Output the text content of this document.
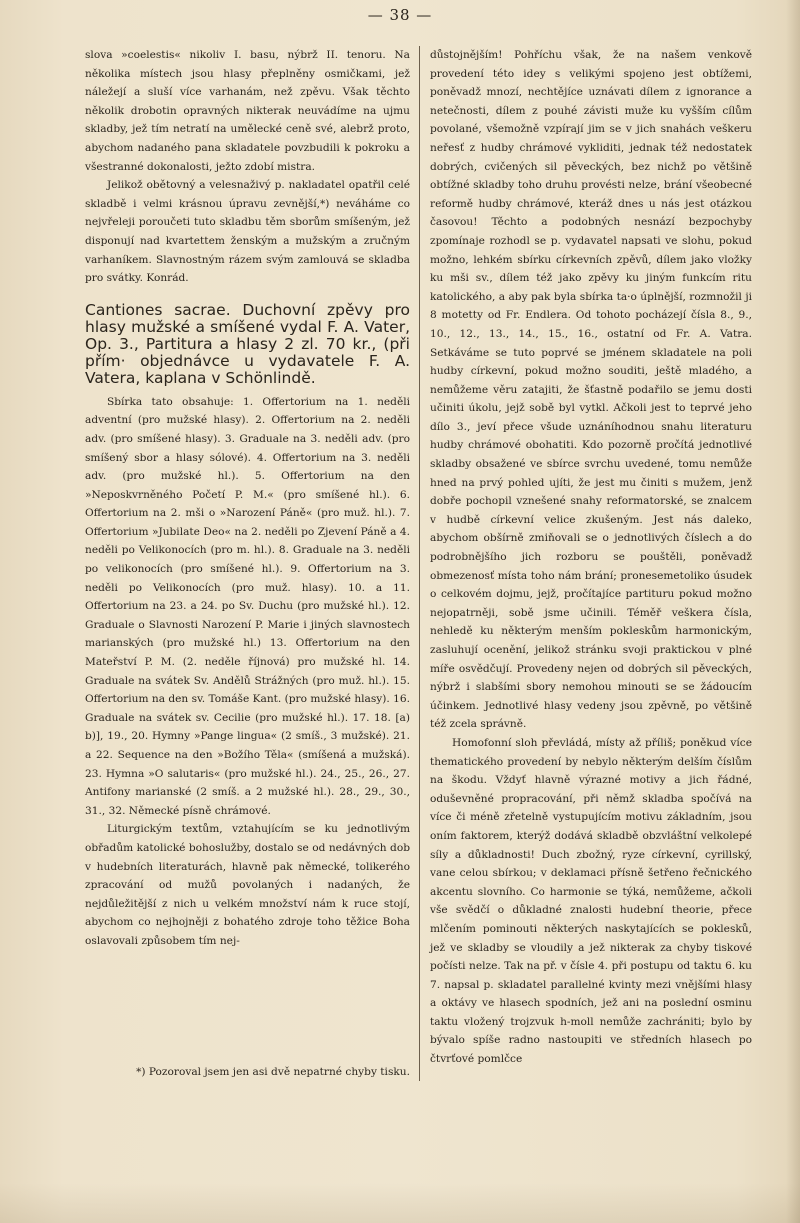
— 38 —

slova »coelestis« nikoliv I. basu, nýbrž II. tenoru. Na několika místech jsou hlasy přeplněny osmičkami, jež náležejí a sluší více varhanám, než zpěvu. Však těchto několik drobotin opravných nikterak neuvádíme na ujmu skladby, jež tím netratí na umělecké ceně své, alebrž proto, abychom nadaného pana skladatele povzbudili k pokroku a všestranné dokonalosti, ježto zdobí mistra.

Jelikož obětovný a velesnaživý p. nakladatel opatřil celé skladbě i velmi krásnou úpravu zevnější,*) neváháme co nejvřeleji poroučeti tuto skladbu těm sborům smíšeným, jež disponují nad kvartettem ženským a mužským a zručným varhaníkem. Slavnostným rázem svým zamlouvá se skladba pro svátky. Konrád.

Cantiones sacrae. Duchovní zpěvy pro hlasy mužské a smíšené vydal F. A. Vater, Op. 3., Partitura a hlasy 2 zl. 70 kr., (při přím· objednávce u vydavatele F. A. Vatera, kaplana v Schönlindě.

Sbírka tato obsahuje: 1. Offertorium na 1. neděli adventní (pro mužské hlasy). 2. Offertorium na 2. neděli adv. (pro smíšené hlasy). 3. Graduale na 3. neděli adv. (pro smíšený sbor a hlasy sólové). 4. Offertorium na 3. neděli adv. (pro mužské hl.). 5. Offertorium na den »Neposkvrněného Početí P. M.« (pro smíšené hl.). 6. Offertorium na 2. mši o »Narození Páně« (pro muž. hl.). 7. Offertorium »Jubilate Deo« na 2. neděli po Zjevení Páně a 4. neděli po Velikonocích (pro m. hl.). 8. Graduale na 3. neděli po velikonocích (pro smíšené hl.). 9. Offertorium na 3. neděli po Velikonocích (pro muž. hlasy). 10. a 11. Offertorium na 23. a 24. po Sv. Duchu (pro mužské hl.). 12. Graduale o Slavnosti Narození P. Marie i jiných slavnostech marianských (pro mužské hl.) 13. Offertorium na den Mateřství P. M. (2. neděle říjnová) pro mužské hl. 14. Graduale na svátek Sv. Andělů Strážných (pro muž. hl.). 15. Offertorium na den sv. Tomáše Kant. (pro mužské hlasy). 16. Graduale na svátek sv. Cecilie (pro mužské hl.). 17. 18. [a) b)], 19., 20. Hymny »Pange lingua« (2 smíš., 3 mužské). 21. a 22. Sequence na den »Božího Těla« (smíšená a mužská). 23. Hymna »O salutaris« (pro mužské hl.). 24., 25., 26., 27. Antifony marianské (2 smíš. a 2 mužské hl.). 28., 29., 30., 31., 32. Německé písně chrámové.

Liturgickým textům, vztahujícím se ku jednotlivým obřadům katolické bohoslužby, dostalo se od nedávných dob v hudebních literaturách, hlavně pak německé, tolikerého zpracování od mužů povolaných i nadaných, že nejdůležitější z nich u velkém množství nám k ruce stojí, abychom co nejhojněji z bohatého zdroje toho těžice Boha oslavovali způsobem tím nej-

důstojnějším! Pohříchu však, že na našem venkově provedení této idey s velikými spojeno jest obtížemi, poněvadž mnozí, nechtějíce uznávati dílem z ignorance a netečnosti, dílem z pouhé závisti muže ku vyšším cílům povolané, všemožně vzpírají jim se v jich snahách veškeru neřesť z hudby chrámové vykliditi, jednak též nedostatek dobrých, cvičených sil pěveckých, bez nichž po většině obtížné skladby toho druhu provésti nelze, brání všeobecné reformě hudby chrámové, kteráž dnes u nás jest otázkou časovou! Těchto a podobných nesnází bezpochyby zpomínaje rozhodl se p. vydavatel napsati ve slohu, pokud možno, lehkém sbírku církevních zpěvů, dílem jako vložky ku mši sv., dílem též jako zpěvy ku jiným funkcím ritu katolického, a aby pak byla sbírka ta·o úplnější, rozmnožil ji 8 motetty od Fr. Endlera. Od tohoto pocházejí čísla 8., 9., 10., 12., 13., 14., 15., 16., ostatní od Fr. A. Vatra. Setkáváme se tuto poprvé se jménem skladatele na poli hudby církevní, pokud možno souditi, ještě mladého, a nemůžeme věru zatajiti, že šťastně podařilo se jemu dosti učiniti úkolu, jejž sobě byl vytkl. Ačkoli jest to teprvé jeho dílo 3., jeví přece všude uznáníhodnou snahu literaturu hudby chrámové obohatiti. Kdo pozorně pročítá jednotlivé skladby obsažené ve sbírce svrchu uvedené, tomu nemůže hned na prvý pohled ujíti, že jest mu činiti s mužem, jenž dobře pochopil vznešené snahy reformatorské, se znalcem v hudbě církevní velice zkušeným. Jest nás daleko, abychom obšírně zmiňovali se o jednotlivých číslech a do podrobnějšího jich rozboru se pouštěli, poněvadž obmezenosť místa toho nám brání; pronesemetoliko úsudek o celkovém dojmu, jejž, pročítajíce partituru pokud možno nejopatrněji, sobě jsme učinili. Téměř veškera čísla, nehledě ku některým menším pokleskům harmonickým, zasluhují ocenění, jelikož stránku svoji praktickou v plné míře osvědčují. Provedeny nejen od dobrých sil pěveckých, nýbrž i slabšími sbory nemohou minouti se se žádoucím účinkem. Jednotlivé hlasy vedeny jsou zpěvně, po většině též zcela správně.

Homofonní sloh převládá, místy až příliš; poněkud více thematického provedení by nebylo některým delším číslům na škodu. Vždyť hlavně výrazné motivy a jich řádné, oduševněné propracování, při němž skladba spočívá na více či méně zřetelně vystupujícím motivu základním, jsou oním faktorem, kterýž dodává skladbě obzvláštní velkolepé síly a důkladnosti! Duch zbožný, ryze církevní, cyrillský, vane celou sbírkou; v deklamaci přísně šetřeno řečnického akcentu slovního. Co harmonie se týká, nemůžeme, ačkoli vše svědčí o důkladné znalosti hudební theorie, přece mlčením pominouti některých naskytajících se poklesků, jež ve skladby se vloudily a jež nikterak za chyby tiskové počísti nelze. Tak na př. v čísle 4. při postupu od taktu 6. ku 7. napsal p. skladatel parallelné kvinty mezi vnějšími hlasy a oktávy ve hlasech spodních, jež ani na poslední osminu taktu vložený trojzvuk h-moll nemůže zachrániti; bylo by bývalo spíše radno nastoupiti ve středních hlasech po čtvrťové pomlčce

*) Pozoroval jsem jen asi dvě nepatrné chyby tisku.
